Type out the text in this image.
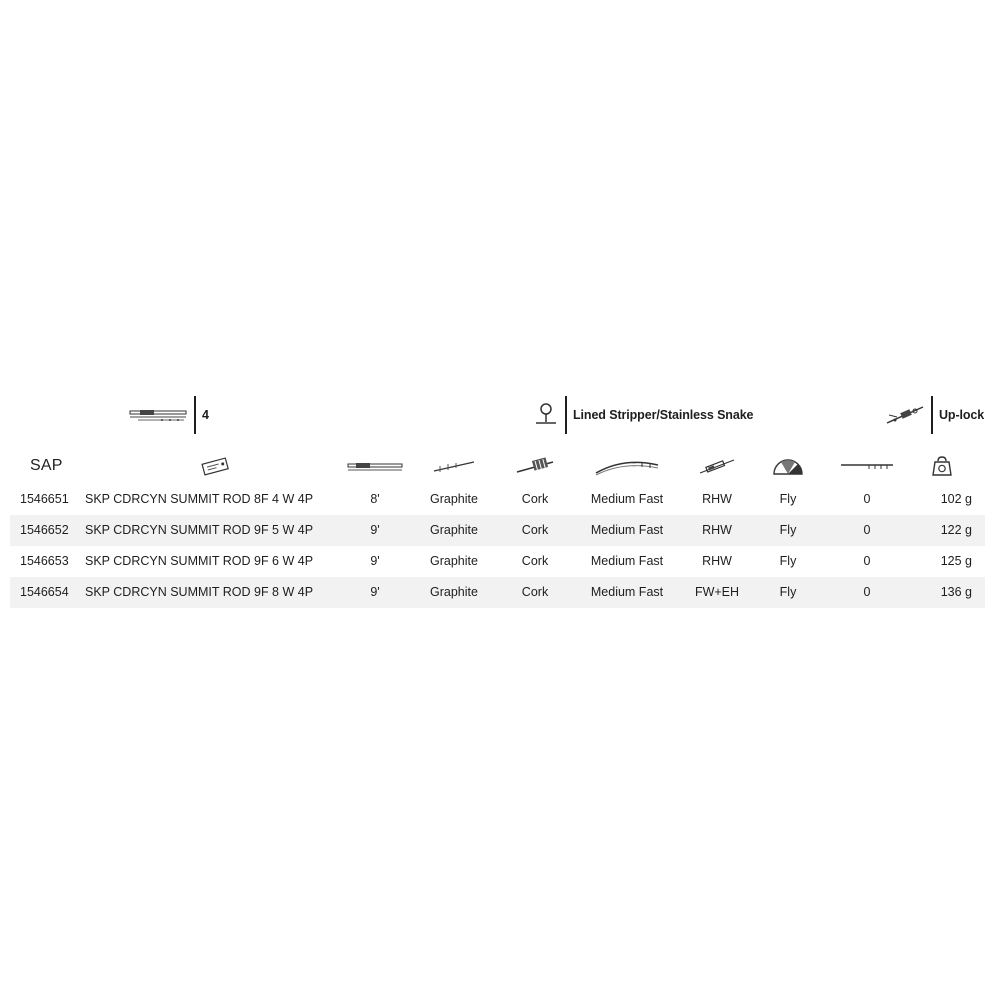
4	Lined Stripper/Stainless Snake	Up-lock
SAP
1546651	SKP CDRCYN SUMMIT ROD 8F 4 W 4P	8'	Graphite	Cork	Medium Fast	RHW	Fly	0	102 g
1546652	SKP CDRCYN SUMMIT ROD 9F 5 W 4P	9'	Graphite	Cork	Medium Fast	RHW	Fly	0	122 g
1546653	SKP CDRCYN SUMMIT ROD 9F 6 W 4P	9'	Graphite	Cork	Medium Fast	RHW	Fly	0	125 g
1546654	SKP CDRCYN SUMMIT ROD 9F 8 W 4P	9'	Graphite	Cork	Medium Fast	FW+EH	Fly	0	136 g
